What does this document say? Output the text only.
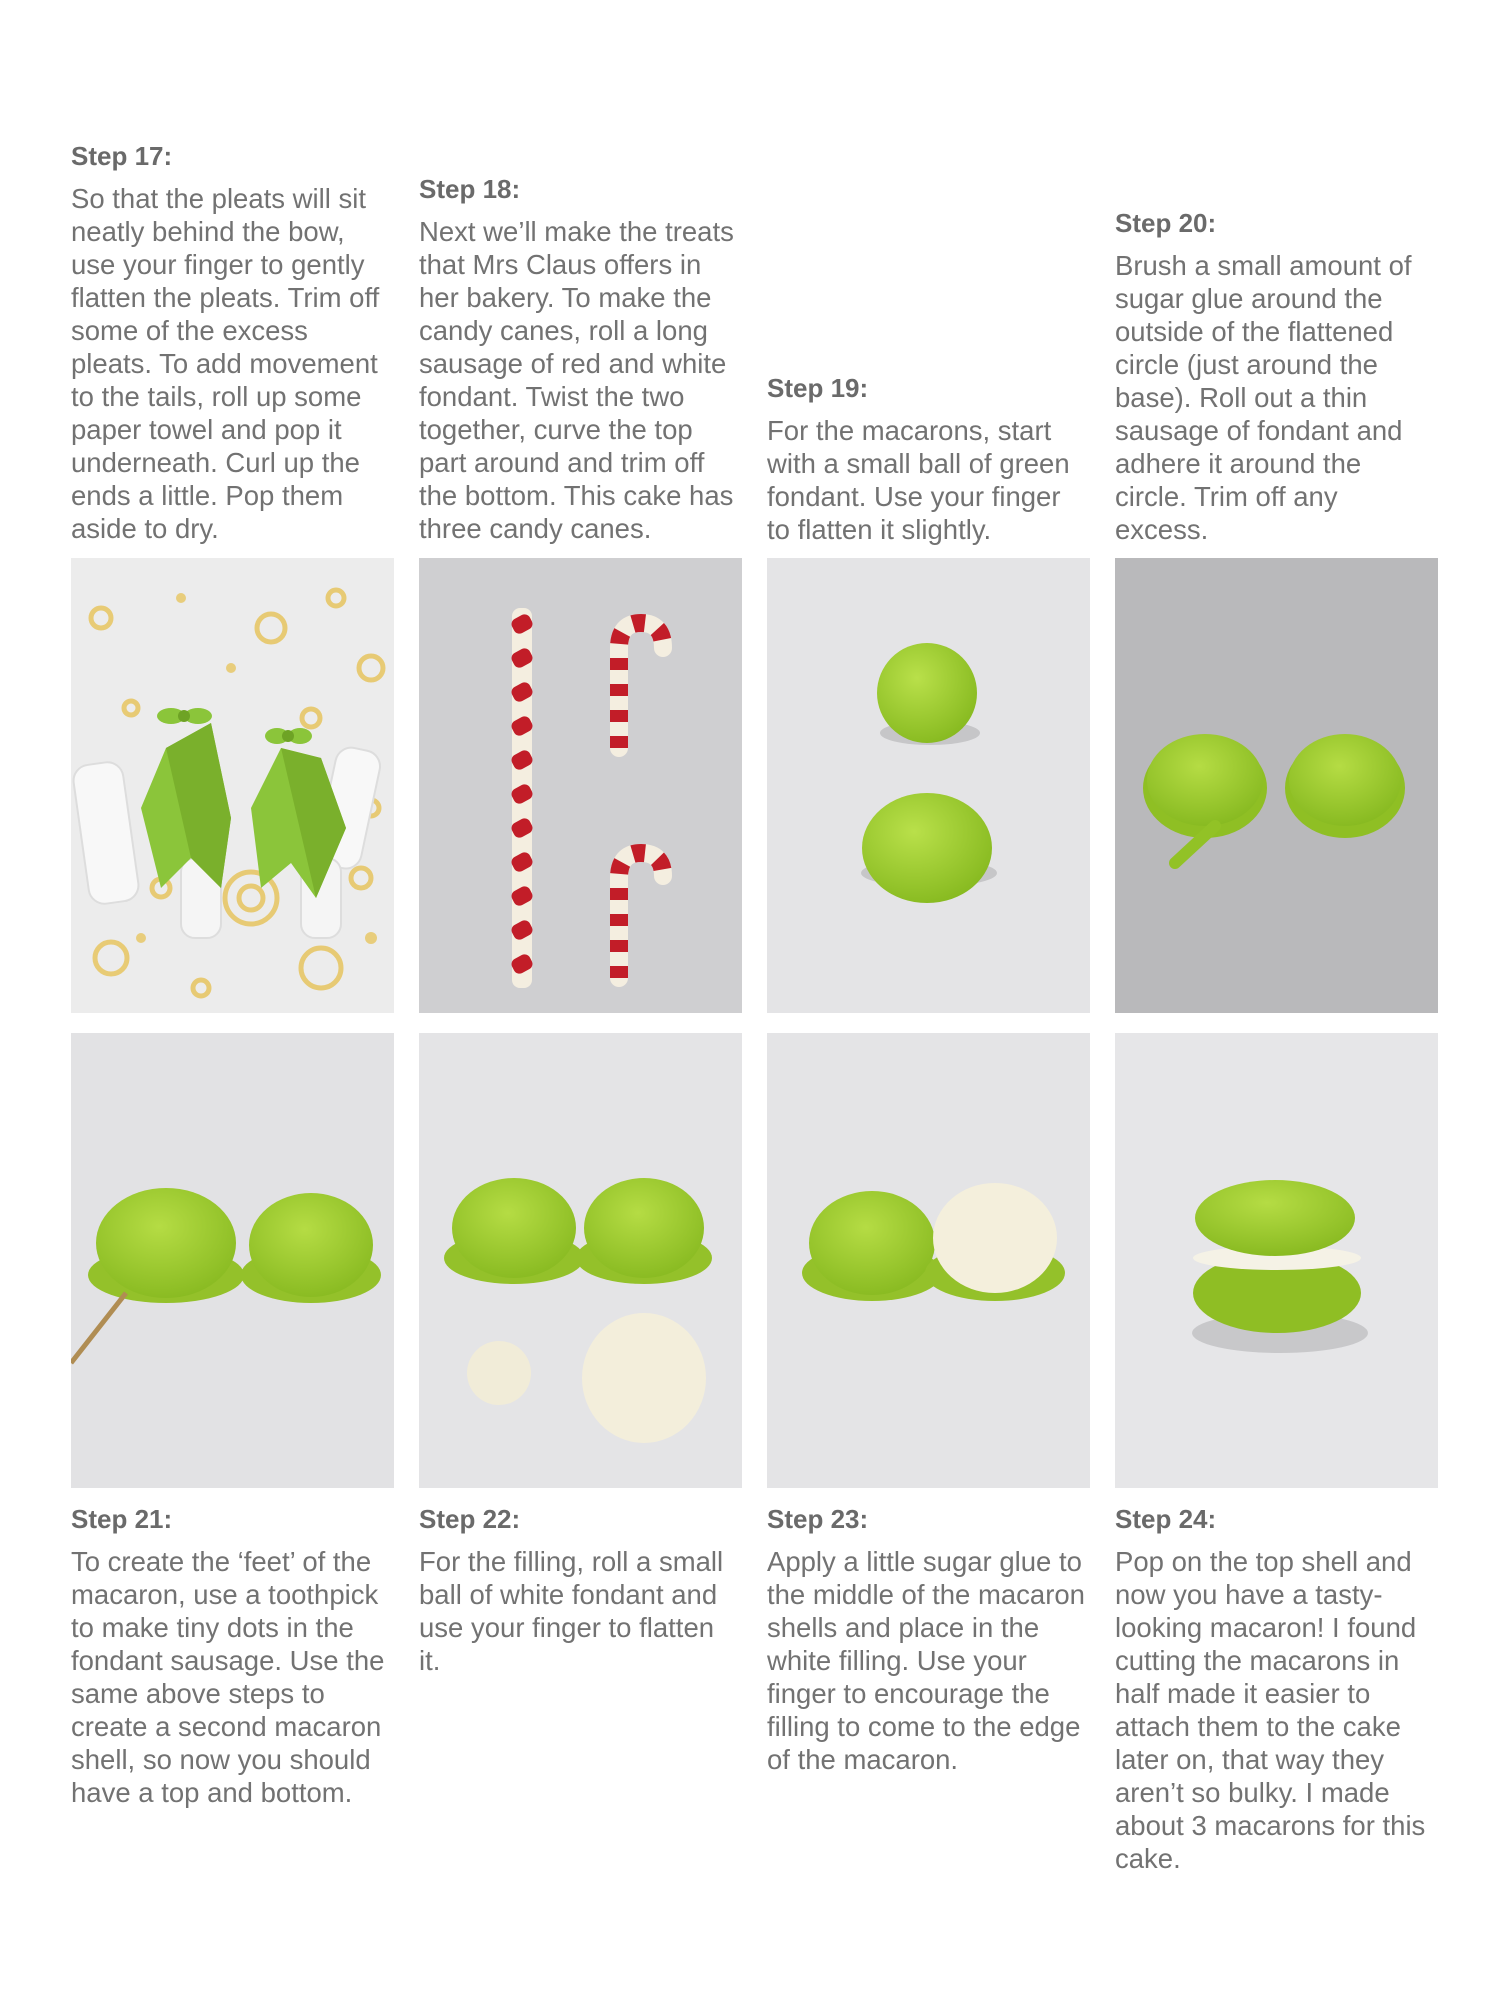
Step 17:

So that the pleats will sit neatly behind the bow, use your finger to gently flatten the pleats. Trim off some of the excess pleats. To add movement to the tails, roll up some paper towel and pop it underneath. Curl up the ends a little. Pop them aside to dry.

Step 18:

Next we’ll make the treats that Mrs Claus offers in her bakery. To make the candy canes, roll a long sausage of red and white fondant. Twist the two together, curve the top part around and trim off the bottom. This cake has three candy canes.

Step 19:

For the macarons, start with a small ball of green fondant. Use your finger to flatten it slightly.

Step 20:

Brush a small amount of sugar glue around the outside of the flattened circle (just around the base). Roll out a thin sausage of fondant and adhere it around the circle. Trim off any excess.

Step 21:

To create the ‘feet’ of the macaron, use a toothpick to make tiny dots in the fondant sausage. Use the same above steps to create a second macaron shell, so now you should have a top and bottom.

Step 22:

For the filling, roll a small ball of white fondant and use your finger to flatten it.

Step 23:

Apply a little sugar glue to the middle of the macaron shells and place in the white filling. Use your finger to encourage the filling to come to the edge of the macaron.

Step 24:

Pop on the top shell and now you have a tasty-looking macaron! I found cutting the macarons in half made it easier to attach them to the cake later on, that way they aren’t so bulky. I made about 3 macarons for this cake.
